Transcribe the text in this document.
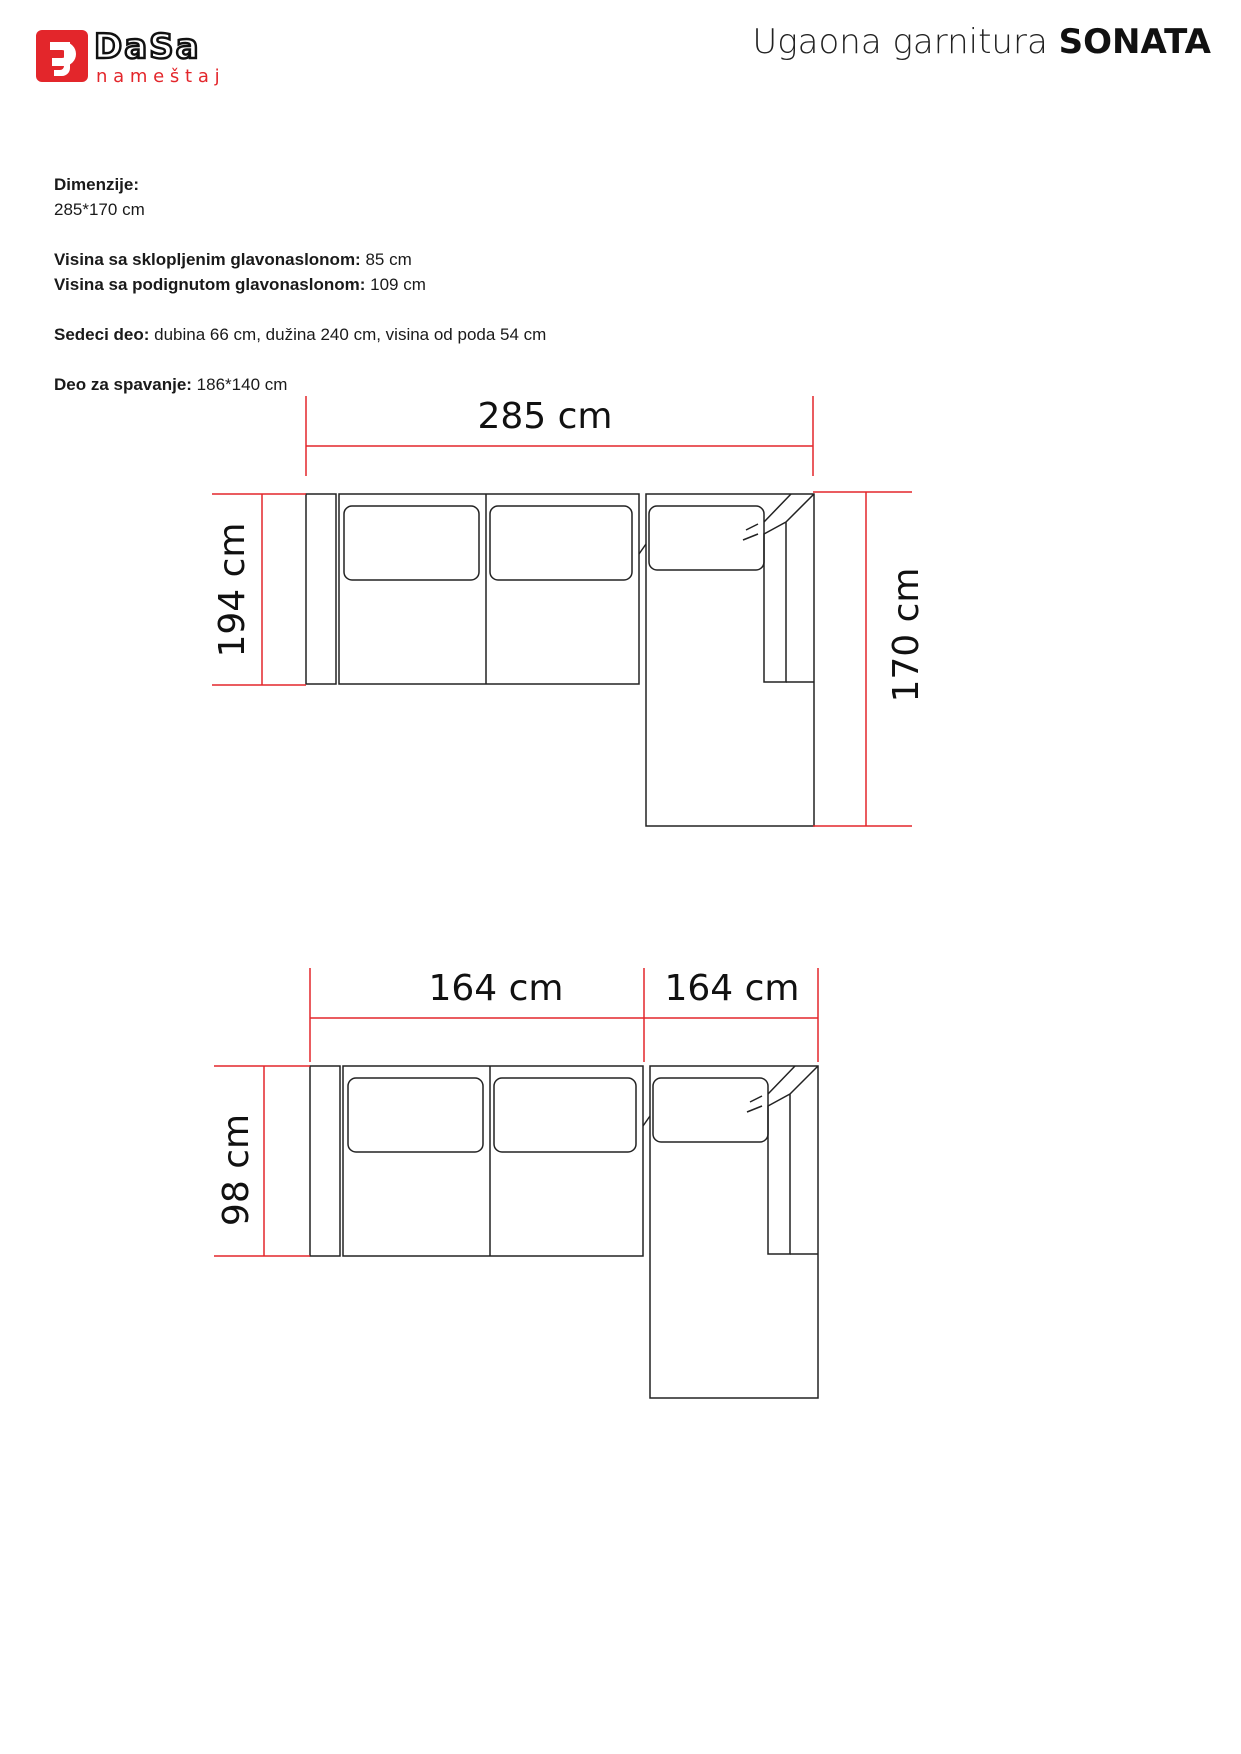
DaSa
n a m e š t a j
Ugaona garnitura SONATA

Dimenzije:

285*170 cm

Visina sa sklopljenim glavonaslonom: 85 cm

Visina sa podignutom glavonaslonom: 109 cm

Sedeci deo: dubina 66 cm, dužina 240 cm, visina od poda 54 cm

Deo za spavanje: 186*140 cm

285 cm
194 cm	170 cm
164 cm	164 cm
98 cm
